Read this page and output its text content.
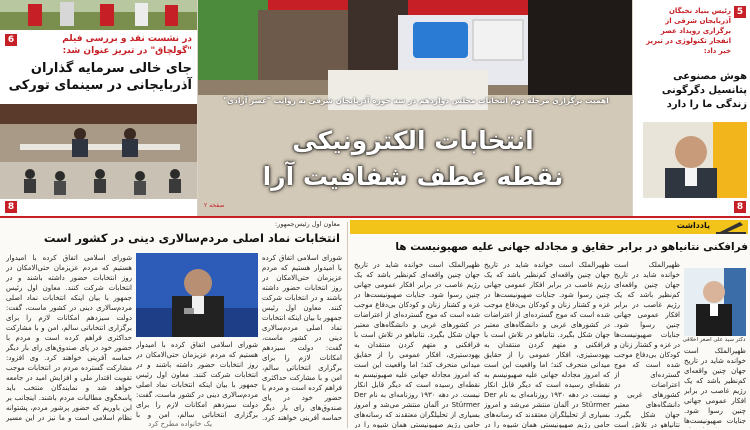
6	در نشست نقد و بررسی فیلم "گولچاق" در تبریز عنوان شد:
جای خالی سرمایه گذاران آذربایجانی در سینمای تورکی
8
اهمیت برگزاری مرحله دوم انتخابات مجلس دوازدهم در سه حوزه آذربایجان شرقی به روایت "عصر آزادی"
انتخابات الکترونیکی
نقطه عطف شفافیت آرا
صفحه ۲
5
رئیس بنیاد نخبگان آذربایجان شرقی از برگزاری رویداد عصر انفجار تکنولوژی در تبریز خبر داد:
هوش مصنوعی پتانسیل دگرگونی زندگی ما را دارد
8
معاون اول رئیس‌جمهور:
انتخابات نماد اصلی مردم‌سالاری دینی در کشور است
شورای اسلامی اتفاق کرده با امیدوار هستیم که مردم عزیزمان حتی‌الامکان در روز انتخابات حضور داشته باشند و در انتخابات شرکت کنند. معاون اول رئیس جمهور با بیان اینکه انتخابات نماد اصلی مردم‌سالاری دینی در کشور ماست، گفت: دولت سیزدهم امکانات لازم را برای برگزاری انتخاباتی سالم، امن و با مشارکت حداکثری فراهم کرده است و مردم با حضور خود در پای صندوق‌های رای بار دیگر حماسه آفرینی خواهند کرد. وی افزود: مشارکت گسترده مردم در انتخابات موجب تقویت اقتدار ملی و افزایش امید در جامعه خواهد شد و نمایندگان منتخب باید پاسخگوی مطالبات مردم باشند. اینجانب بر این باوریم که حضور پرشور مردم، پشتوانه نظام اسلامی است و ما نیز در این مسیر
شورای اسلامی اتفاق کرده با امیدوار هستیم که مردم عزیزمان حتی‌الامکان در روز انتخابات حضور داشته باشند و در انتخابات شرکت کنند. معاون اول رئیس جمهور با بیان اینکه انتخابات نماد اصلی مردم‌سالاری دینی در کشور ماست، گفت: دولت سیزدهم امکانات لازم را برای برگزاری انتخاباتی سالم، امن و با مشارکت حداکثری فراهم کرده است و مردم با حضور خود در پای صندوق‌های رای بار دیگر حماسه آفرینی خواهند کرد.
شورای اسلامی اتفاق کرده با امیدوار هستیم که مردم عزیزمان حتی‌الامکان در روز انتخابات حضور داشته باشند و در انتخابات شرکت کنند. معاون اول رئیس جمهور با بیان اینکه انتخابات نماد اصلی مردم‌سالاری دینی در کشور ماست، گفت: دولت سیزدهم امکانات لازم را برای برگزاری انتخاباتی سالم، امن و با
یک خانواده مطرح کرد
یادداشت
فرافکنی نتانیاهو در برابر حقایق و مجادله جهانی علیه صهیونیست ها
ظهیرالملک است خوانده شاید در تاریخ جهان چنین واقعه‌ای کم‌نظیر باشد که یک رژیم غاصب در برابر افکار عمومی جهانی چنین رسوا شود. جنایات صهیونیست‌ها در غزه و کشتار زنان و کودکان بی‌دفاع موجب شده است که موج گسترده‌ای از اعتراضات در کشورهای غربی و دانشگاه‌های معتبر جهان شکل بگیرد. نتانیاهو در تلاش است با فرافکنی و متهم کردن منتقدان به یهودستیزی، افکار عمومی را از حقایق میدانی منحرف کند؛ اما واقعیت این است که امروز مجادله جهانی علیه صهیونیسم به نقطه‌ای رسیده است که دیگر قابل انکار نیست. در دهه ۱۹۳۰ روزنامه‌ای به نام Der Stürmer در آلمان منتشر می‌شد و امروز بسیاری از تحلیلگران معتقدند که رسانه‌های حامی رژیم صهیونیستی همان شیوه را در
ظهیرالملک است خوانده شاید در تاریخ جهان چنین واقعه‌ای کم‌نظیر باشد که یک رژیم غاصب در برابر افکار عمومی جهانی چنین رسوا شود. جنایات صهیونیست‌ها در غزه و کشتار زنان و کودکان بی‌دفاع موجب شده است که موج گسترده‌ای از اعتراضات در کشورهای غربی و دانشگاه‌های معتبر جهان شکل بگیرد. نتانیاهو در تلاش است با فرافکنی و متهم کردن منتقدان به یهودستیزی، افکار عمومی را از حقایق میدانی منحرف کند؛ اما واقعیت این است که امروز مجادله جهانی علیه صهیونیسم به نقطه‌ای رسیده است که دیگر قابل انکار نیست. در دهه ۱۹۳۰ روزنامه‌ای به نام Der Stürmer در آلمان منتشر می‌شد و امروز بسیاری از تحلیلگران معتقدند که رسانه‌های حامی رژیم صهیونیستی همان شیوه را در
دکتر سید علی اصغر اخلاقی
ظهیرالملک است خوانده شاید در تاریخ جهان چنین واقعه‌ای کم‌نظیر باشد که یک رژیم غاصب در برابر افکار عمومی جهانی چنین رسوا شود. جنایات صهیونیست‌ها در غزه و کشتار زنان و کودکان بی‌دفاع موجب شده است که موج گسترده‌ای از اعتراضات در کشورهای غربی و دانشگاه‌های معتبر جهان شکل بگیرد. نتانیاهو در تلاش است
ظهیرالملک است خوانده شاید در تاریخ جهان چنین واقعه‌ای کم‌نظیر باشد که یک رژیم غاصب در برابر افکار عمومی جهانی چنین رسوا شود. جنایات صهیونیست‌ها
